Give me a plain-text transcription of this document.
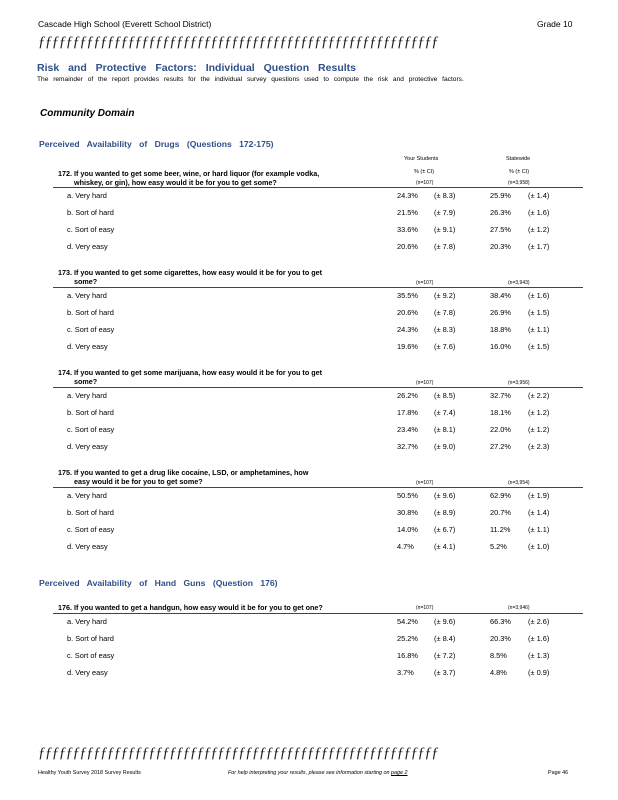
Cascade High School (Everett School District)	Grade 10
ƒƒƒƒƒƒƒƒƒƒƒƒƒƒƒƒƒƒƒƒƒƒƒƒƒƒƒƒƒƒƒƒƒƒƒƒƒƒƒƒƒƒƒƒƒƒƒƒƒƒƒƒƒƒƒƒƒƒ
Risk and Protective Factors: Individual Question Results
The remainder of the report provides results for the individual survey questions used to compute the risk and protective factors.
Community Domain
Perceived Availability of Drugs (Questions 172-175)
Your Students	Statewide
% (± CI)	% (± CI)
172. If you wanted to get some beer, wine, or hard liquor (for example vodka,
whiskey, or gin), how easy would it be for you to get some?	(n=107)	(n=3,958)
a. Very hard	24.3% (± 8.3)	25.9% (± 1.4)
b. Sort of hard	21.5% (± 7.9)	26.3% (± 1.6)
c. Sort of easy	33.6% (± 9.1)	27.5% (± 1.2)
d. Very easy	20.6% (± 7.8)	20.3% (± 1.7)
173. If you wanted to get some cigarettes, how easy would it be for you to get
some?	(n=107)	(n=3,943)
a. Very hard	35.5% (± 9.2)	38.4% (± 1.6)
b. Sort of hard	20.6% (± 7.8)	26.9% (± 1.5)
c. Sort of easy	24.3% (± 8.3)	18.8% (± 1.1)
d. Very easy	19.6% (± 7.6)	16.0% (± 1.5)
174. If you wanted to get some marijuana, how easy would it be for you to get
some?	(n=107)	(n=3,956)
a. Very hard	26.2% (± 8.5)	32.7% (± 2.2)
b. Sort of hard	17.8% (± 7.4)	18.1% (± 1.2)
c. Sort of easy	23.4% (± 8.1)	22.0% (± 1.2)
d. Very easy	32.7% (± 9.0)	27.2% (± 2.3)
175. If you wanted to get a drug like cocaine, LSD, or amphetamines, how
easy would it be for you to get some?	(n=107)	(n=3,954)
a. Very hard	50.5% (± 9.6)	62.9% (± 1.9)
b. Sort of hard	30.8% (± 8.9)	20.7% (± 1.4)
c. Sort of easy	14.0% (± 6.7)	11.2% (± 1.1)
d. Very easy	4.7%	(± 4.1)	5.2%	(± 1.0)
Perceived Availability of Hand Guns (Question 176)
176. If you wanted to get a handgun, how easy would it be for you to get one?	(n=107)	(n=3,946)
a. Very hard	54.2% (± 9.6)	66.3% (± 2.6)
b. Sort of hard	25.2% (± 8.4)	20.3% (± 1.6)
c. Sort of easy	16.8% (± 7.2)	8.5%	(± 1.3)
d. Very easy	3.7%	(± 3.7)	4.8%	(± 0.9)
ƒƒƒƒƒƒƒƒƒƒƒƒƒƒƒƒƒƒƒƒƒƒƒƒƒƒƒƒƒƒƒƒƒƒƒƒƒƒƒƒƒƒƒƒƒƒƒƒƒƒƒƒƒƒƒƒƒƒ
Healthy Youth Survey 2018 Survey Results	For help interpreting your results, please see information starting on page 2	Page 46
